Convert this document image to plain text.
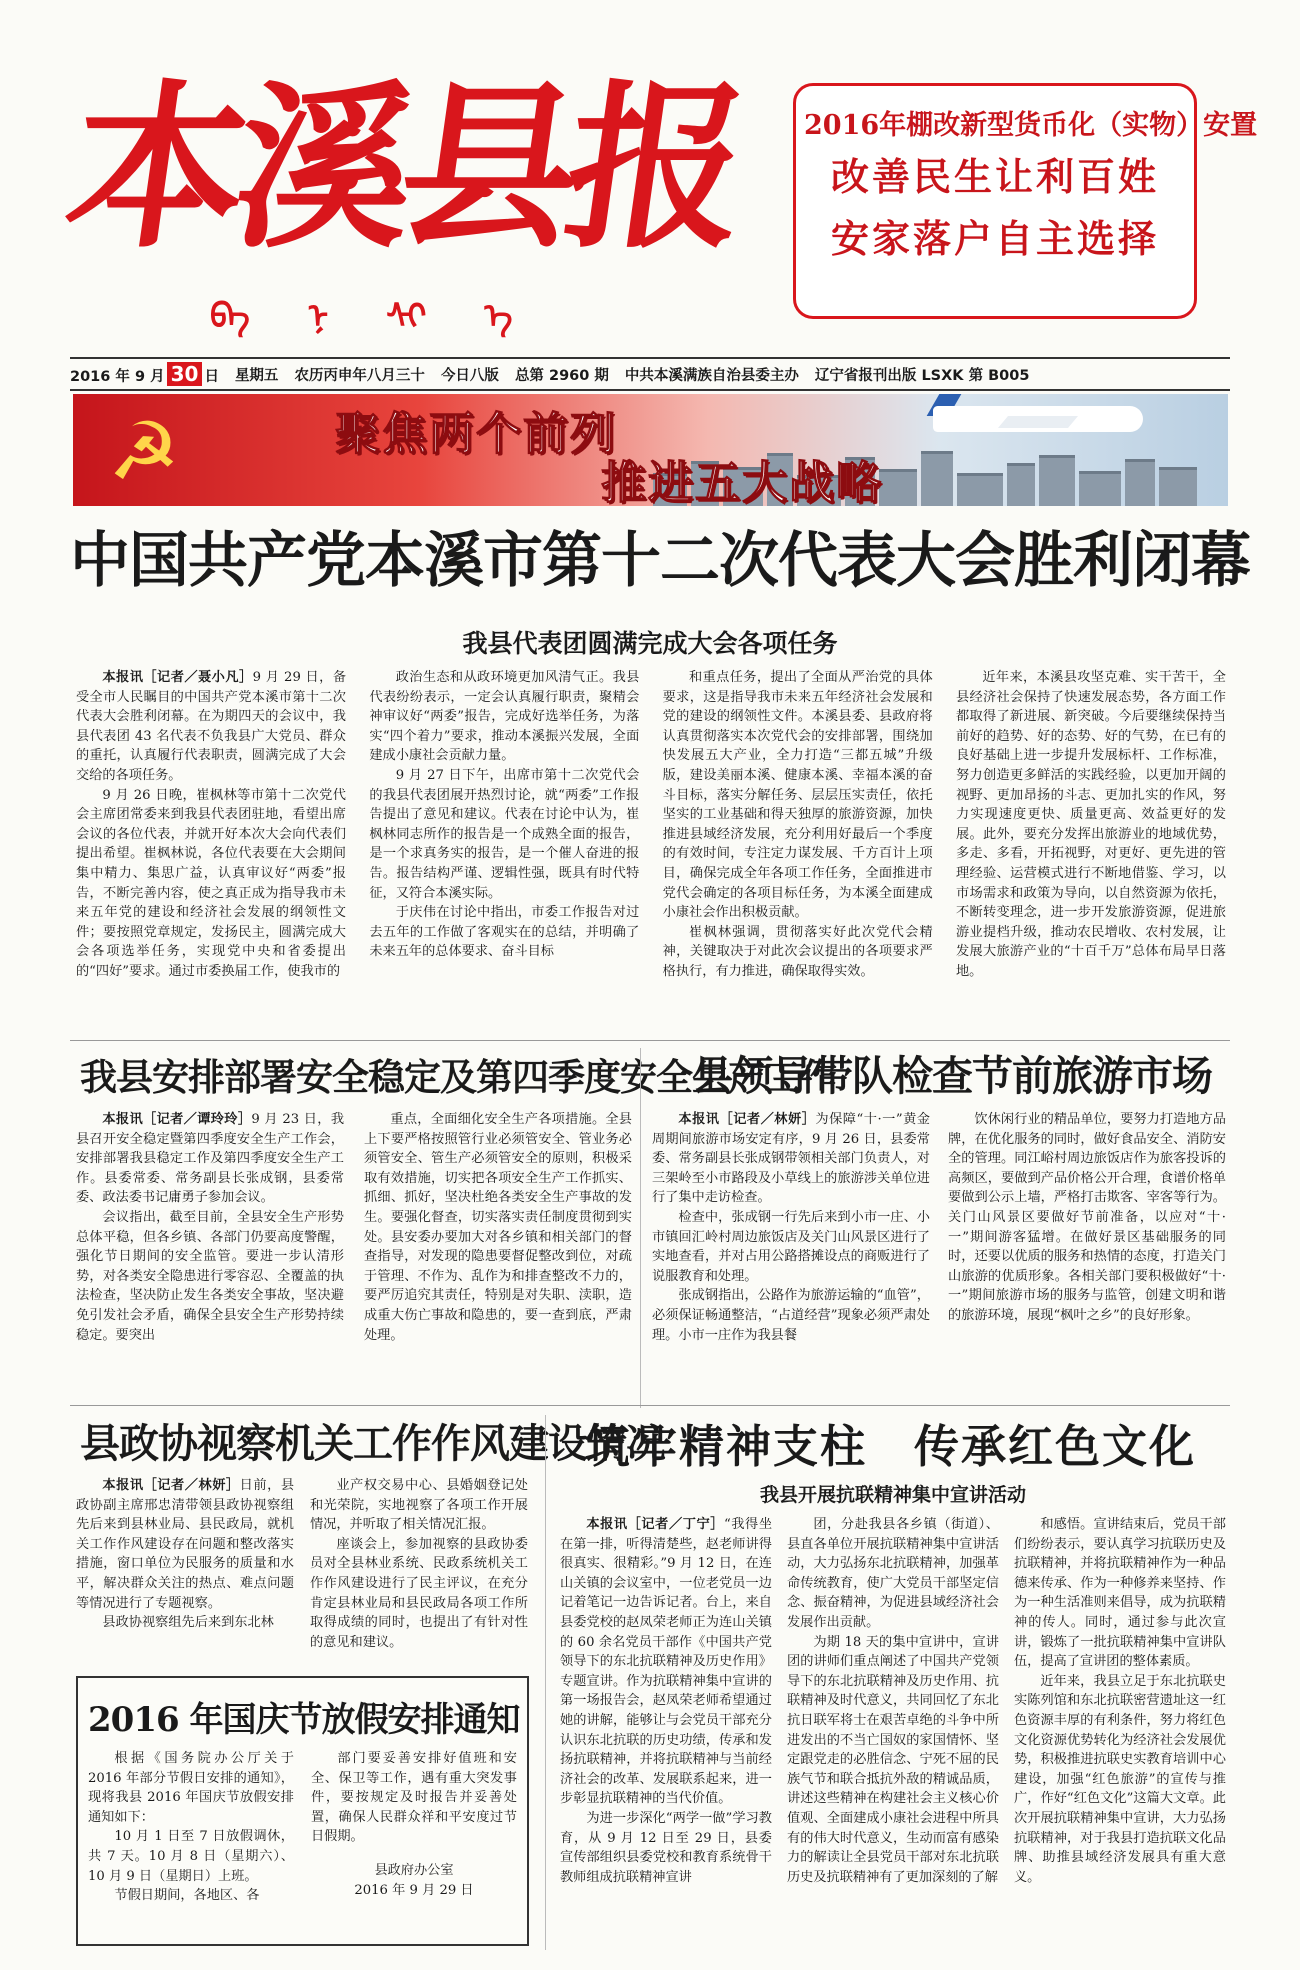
本溪县报
ᠪᠡ ᠨ ᠰᠢ ᠡ
2016年棚改新型货币化（实物）安置
改善民生让利百姓
安家落户自主选择
2016 年 9 月 30 日 星期五 农历丙申年八月三十 今日八版 总第 2960 期 中共本溪满族自治县委主办 辽宁省报刊出版 LSXK 第 B005
☭	聚焦两个前列
推进五大战略
中国共产党本溪市第十二次代表大会胜利闭幕
我县代表团圆满完成大会各项任务

本报讯［记者／聂小凡］9 月 29 日，备受全市人民瞩目的中国共产党本溪市第十二次代表大会胜利闭幕。在为期四天的会议中，我县代表团 43 名代表不负我县广大党员、群众的重托，认真履行代表职责，圆满完成了大会交给的各项任务。

9 月 26 日晚，崔枫林等市第十二次党代会主席团常委来到我县代表团驻地，看望出席会议的各位代表，并就开好本次大会向代表们提出希望。崔枫林说，各位代表要在大会期间集中精力、集思广益，认真审议好“两委”报告，不断完善内容，使之真正成为指导我市未来五年党的建设和经济社会发展的纲领性文件；要按照党章规定，发扬民主，圆满完成大会各项选举任务，实现党中央和省委提出的“四好”要求。通过市委换届工作，使我市的

政治生态和从政环境更加风清气正。我县代表纷纷表示，一定会认真履行职责，聚精会神审议好“两委”报告，完成好选举任务，为落实“四个着力”要求，推动本溪振兴发展，全面建成小康社会贡献力量。

9 月 27 日下午，出席市第十二次党代会的我县代表团展开热烈讨论，就“两委”工作报告提出了意见和建议。代表在讨论中认为，崔枫林同志所作的报告是一个成熟全面的报告，是一个求真务实的报告，是一个催人奋进的报告。报告结构严谨、逻辑性强，既具有时代特征，又符合本溪实际。

于庆伟在讨论中指出，市委工作报告对过去五年的工作做了客观实在的总结，并明确了未来五年的总体要求、奋斗目标

和重点任务，提出了全面从严治党的具体要求，这是指导我市未来五年经济社会发展和党的建设的纲领性文件。本溪县委、县政府将认真贯彻落实本次党代会的安排部署，围绕加快发展五大产业，全力打造“三都五城”升级版，建设美丽本溪、健康本溪、幸福本溪的奋斗目标，落实分解任务、层层压实责任，依托坚实的工业基础和得天独厚的旅游资源，加快推进县域经济发展，充分利用好最后一个季度的有效时间，专注定力谋发展、千方百计上项目，确保完成全年各项工作任务，全面推进市党代会确定的各项目标任务，为本溪全面建成小康社会作出积极贡献。

崔枫林强调，贯彻落实好此次党代会精神，关键取决于对此次会议提出的各项要求严格执行，有力推进，确保取得实效。

近年来，本溪县攻坚克难、实干苦干，全县经济社会保持了快速发展态势，各方面工作都取得了新进展、新突破。今后要继续保持当前好的趋势、好的态势、好的气势，在已有的良好基础上进一步提升发展标杆、工作标准，努力创造更多鲜活的实践经验，以更加开阔的视野、更加昂扬的斗志、更加扎实的作风，努力实现速度更快、质量更高、效益更好的发展。此外，要充分发挥出旅游业的地域优势，多走、多看，开拓视野，对更好、更先进的管理经验、运营模式进行不断地借鉴、学习，以市场需求和政策为导向，以自然资源为依托，不断转变理念，进一步开发旅游资源，促进旅游业提档升级，推动农民增收、农村发展，让发展大旅游产业的“十百千万”总体布局早日落地。

我县安排部署安全稳定及第四季度安全生产工作

本报讯［记者／谭玲玲］9 月 23 日，我县召开安全稳定暨第四季度安全生产工作会，安排部署我县稳定工作及第四季度安全生产工作。县委常委、常务副县长张成钢，县委常委、政法委书记庸勇子参加会议。

会议指出，截至目前，全县安全生产形势总体平稳，但各乡镇、各部门仍要高度警醒，强化节日期间的安全监管。要进一步认清形势，对各类安全隐患进行零容忍、全覆盖的执法检查，坚决防止发生各类安全事故，坚决避免引发社会矛盾，确保全县安全生产形势持续稳定。要突出

重点，全面细化安全生产各项措施。全县上下要严格按照管行业必须管安全、管业务必须管安全、管生产必须管安全的原则，积极采取有效措施，切实把各项安全生产工作抓实、抓细、抓好，坚决杜绝各类安全生产事故的发生。要强化督查，切实落实责任制度贯彻到实处。县安委办要加大对各乡镇和相关部门的督查指导，对发现的隐患要督促整改到位，对疏于管理、不作为、乱作为和排查整改不力的，要严厉追究其责任，特别是对失职、渎职，造成重大伤亡事故和隐患的，要一查到底，严肃处理。

县领导带队检查节前旅游市场

本报讯［记者／林妍］为保障“十·一”黄金周期间旅游市场安定有序，9 月 26 日，县委常委、常务副县长张成钢带领相关部门负责人，对三架岭至小市路段及小草线上的旅游涉关单位进行了集中走访检查。

检查中，张成钢一行先后来到小市一庄、小市镇回汇岭村周边旅饭店及关门山风景区进行了实地查看，并对占用公路搭摊设点的商贩进行了说服教育和处理。

张成钢指出，公路作为旅游运输的“血管”，必须保证畅通整洁，“占道经营”现象必须严肃处理。小市一庄作为我县餐

饮休闲行业的精品单位，要努力打造地方品牌，在优化服务的同时，做好食品安全、消防安全的管理。同江峪村周边旅饭店作为旅客投诉的高频区，要做到产品价格公开合理，食谱价格单要做到公示上墙，严格打击欺客、宰客等行为。关门山风景区要做好节前准备，以应对“十·一”期间游客猛增。在做好景区基础服务的同时，还要以优质的服务和热情的态度，打造关门山旅游的优质形象。各相关部门要积极做好“十·一”期间旅游市场的服务与监管，创建文明和谐的旅游环境，展现“枫叶之乡”的良好形象。

县政协视察机关工作作风建设情况

本报讯［记者／林妍］日前，县政协副主席邢忠清带领县政协视察组先后来到县林业局、县民政局，就机关工作作风建设存在问题和整改落实措施，窗口单位为民服务的质量和水平，解决群众关注的热点、难点问题等情况进行了专题视察。

县政协视察组先后来到东北林

业产权交易中心、县婚姻登记处和光荣院，实地视察了各项工作开展情况，并听取了相关情况汇报。

座谈会上，参加视察的县政协委员对全县林业系统、民政系统机关工作作风建设进行了民主评议，在充分肯定县林业局和县民政局各项工作所取得成绩的同时，也提出了有针对性的意见和建议。

2016 年国庆节放假安排通知

根据《国务院办公厅关于 2016 年部分节假日安排的通知》，现将我县 2016 年国庆节放假安排通知如下：

10 月 1 日至 7 日放假调休，共 7 天。10 月 8 日（星期六）、10 月 9 日（星期日）上班。

节假日期间，各地区、各

部门要妥善安排好值班和安全、保卫等工作，遇有重大突发事件，要按规定及时报告并妥善处置，确保人民群众祥和平安度过节日假期。

县政府办公室

2016 年 9 月 29 日

筑牢精神支柱　传承红色文化
我县开展抗联精神集中宣讲活动

本报讯［记者／丁宁］“我得坐在第一排，听得清楚些，赵老师讲得很真实、很精彩。”9 月 12 日，在连山关镇的会议室中，一位老党员一边记着笔记一边告诉记者。台上，来自县委党校的赵凤荣老师正为连山关镇的 60 余名党员干部作《中国共产党领导下的东北抗联精神及历史作用》专题宣讲。作为抗联精神集中宣讲的第一场报告会，赵凤荣老师希望通过她的讲解，能够让与会党员干部充分认识东北抗联的历史功绩，传承和发扬抗联精神，并将抗联精神与当前经济社会的改革、发展联系起来，进一步彰显抗联精神的当代价值。

为进一步深化“两学一做”学习教育，从 9 月 12 日至 29 日，县委宣传部组织县委党校和教育系统骨干教师组成抗联精神宣讲

团，分赴我县各乡镇（街道）、县直各单位开展抗联精神集中宣讲活动，大力弘扬东北抗联精神，加强革命传统教育，使广大党员干部坚定信念、振奋精神，为促进县域经济社会发展作出贡献。

为期 18 天的集中宣讲中，宣讲团的讲师们重点阐述了中国共产党领导下的东北抗联精神及历史作用、抗联精神及时代意义，共同回忆了东北抗日联军将士在艰苦卓绝的斗争中所进发出的不当亡国奴的家国情怀、坚定跟党走的必胜信念、宁死不屈的民族气节和联合抵抗外敌的精诚品质，讲述这些精神在构建社会主义核心价值观、全面建成小康社会进程中所具有的伟大时代意义，生动而富有感染力的解读让全县党员干部对东北抗联历史及抗联精神有了更加深刻的了解

和感悟。宣讲结束后，党员干部们纷纷表示，要认真学习抗联历史及抗联精神，并将抗联精神作为一种品德来传承、作为一种修养来坚持、作为一种生活准则来倡导，成为抗联精神的传人。同时，通过参与此次宣讲，锻炼了一批抗联精神集中宣讲队伍，提高了宣讲团的整体素质。

近年来，我县立足于东北抗联史实陈列馆和东北抗联密营遗址这一红色资源丰厚的有利条件，努力将红色文化资源优势转化为经济社会发展优势，积极推进抗联史实教育培训中心建设，加强“红色旅游”的宣传与推广，作好“红色文化”这篇大文章。此次开展抗联精神集中宣讲，大力弘扬抗联精神，对于我县打造抗联文化品牌、助推县域经济发展具有重大意义。
